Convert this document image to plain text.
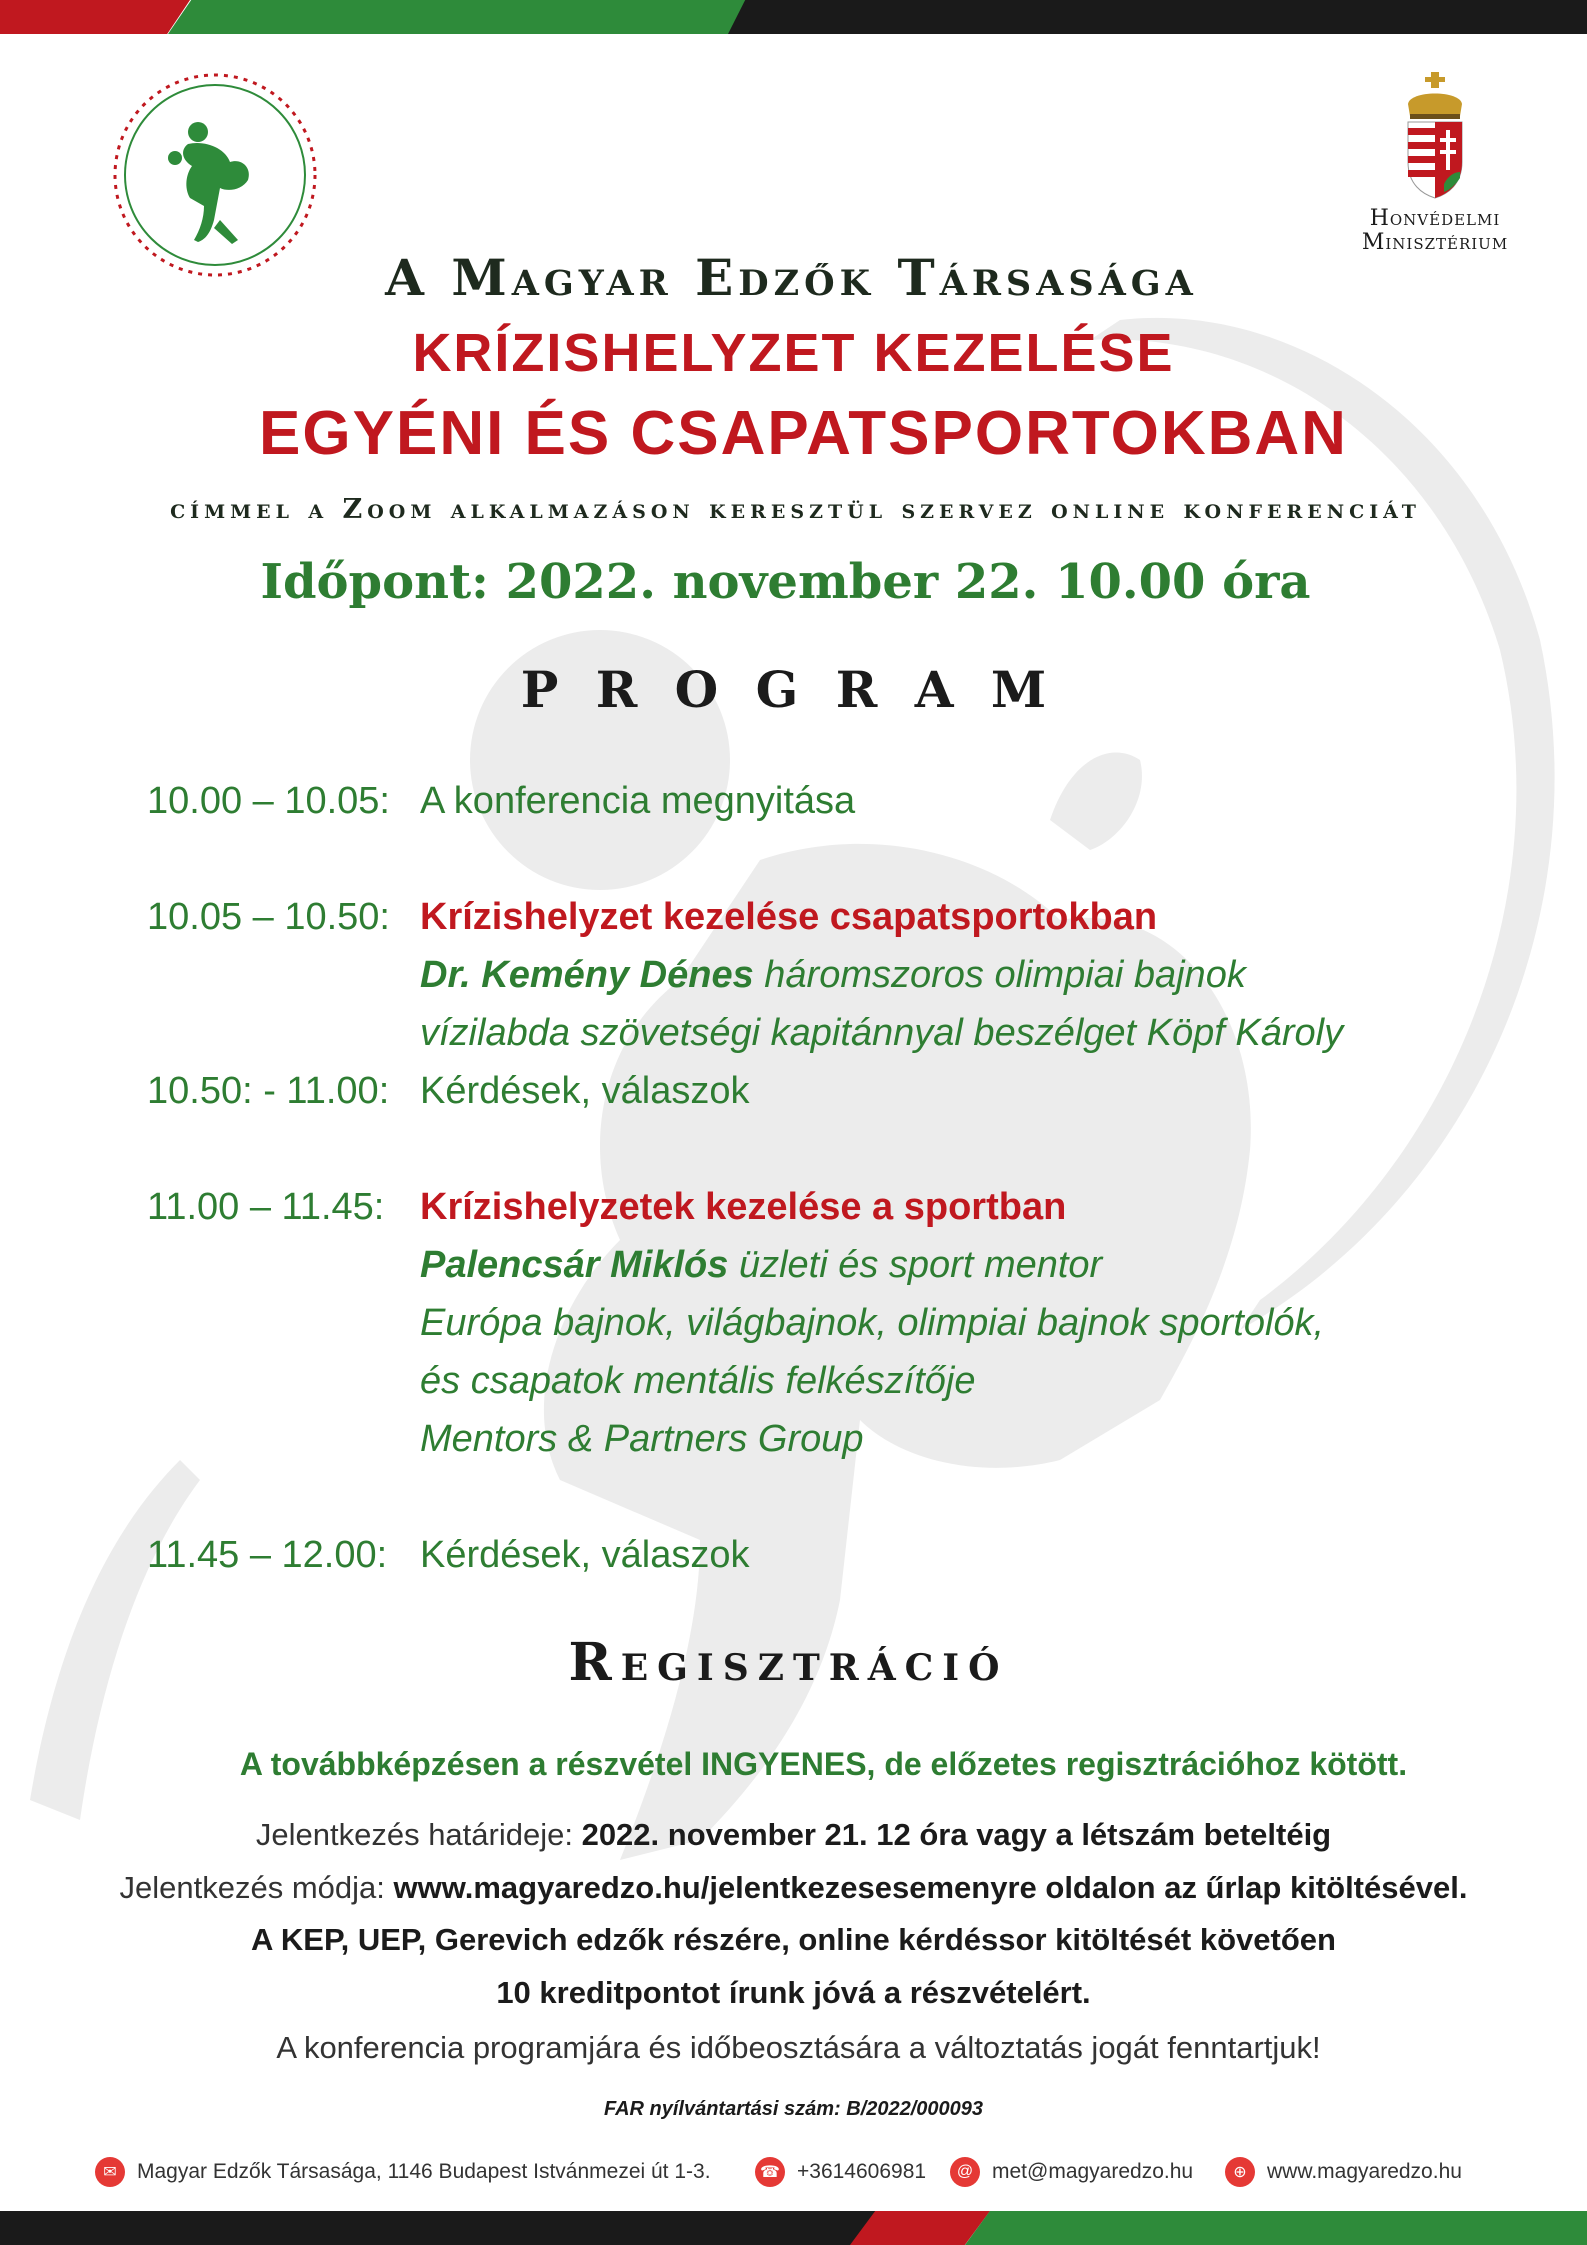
Honvédelmi
Minisztérium
A Magyar Edzők Társasága
KRÍZISHELYZET KEZELÉSE
EGYÉNI ÉS CSAPATSPORTOKBAN
címmel a Zoom alkalmazáson keresztül szervez online konferenciát
Időpont: 2022. november 22. 10.00 óra
P R O G R A M
10.00 – 10.05: A konferencia megnyitása
10.05 – 10.50: Krízishelyzet kezelése csapatsportokban
Dr. Kemény Dénes háromszoros olimpiai bajnok
vízilabda szövetségi kapitánnyal beszélget Köpf Károly
10.50: - 11.00: Kérdések, válaszok
11.00 – 11.45: Krízishelyzetek kezelése a sportban
Palencsár Miklós üzleti és sport mentor
Európa bajnok, világbajnok, olimpiai bajnok sportolók,
és csapatok mentális felkészítője
Mentors & Partners Group
11.45 – 12.00: Kérdések, válaszok
Regisztráció
A továbbképzésen a részvétel INGYENES, de előzetes regisztrációhoz kötött.
Jelentkezés határideje: 2022. november 21. 12 óra vagy a létszám beteltéig
Jelentkezés módja: www.magyaredzo.hu/jelentkezesesemenyre oldalon az űrlap kitöltésével.
A KEP, UEP, Gerevich edzők részére, online kérdéssor kitöltését követően
10 kreditpontot írunk jóvá a részvételért.
A konferencia programjára és időbeosztására a változtatás jogát fenntartjuk!
FAR nyílvántartási szám: B/2022/000093
✉ Magyar Edzők Társasága, 1146 Budapest Istvánmezei út 1-3.	☎ +3614606981	@ met@magyaredzo.hu	⊕ www.magyaredzo.hu
